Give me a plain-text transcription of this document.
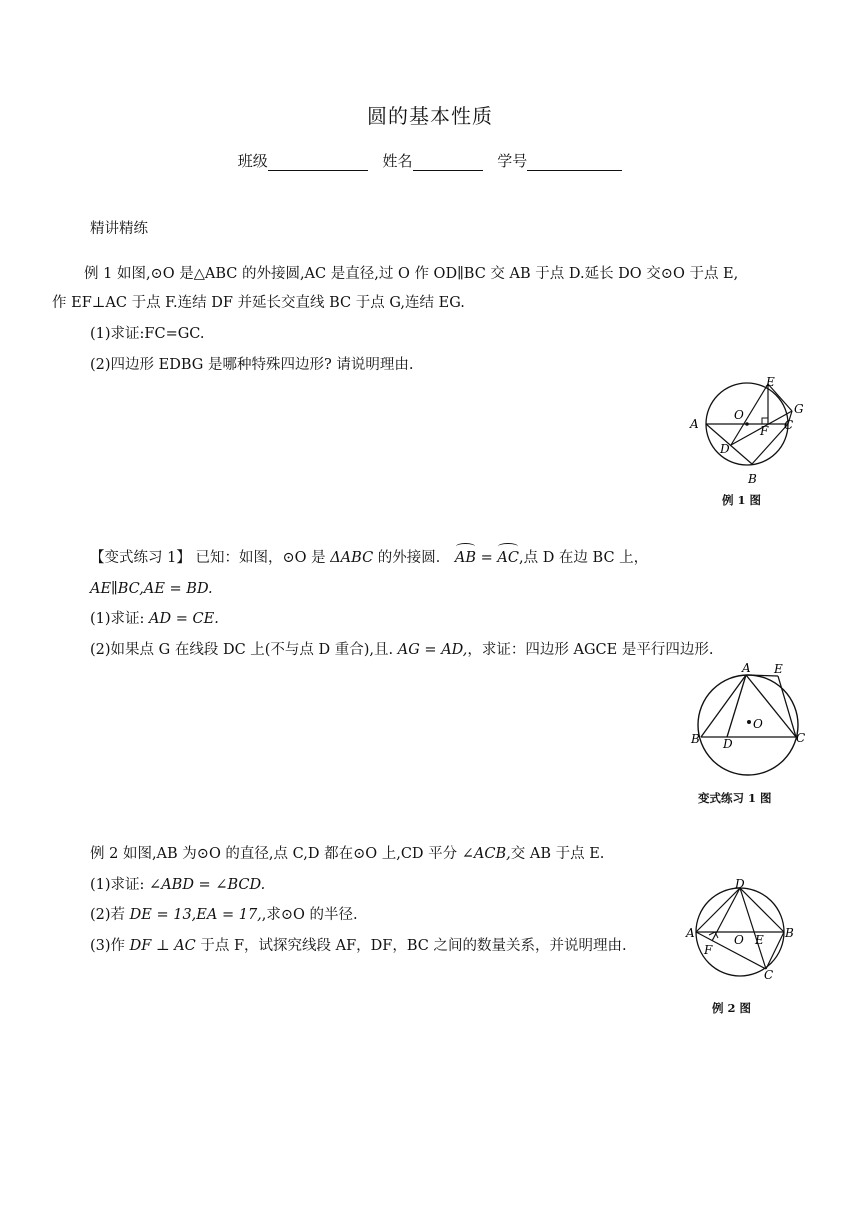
圆的基本性质
班级	姓名	学号
精讲精练
例 1 如图,⊙O 是△ABC 的外接圆,AC 是直径,过 O 作 OD∥BC 交 AB 于点 D.延长 DO 交⊙O 于点 E,
作 EF⊥AC 于点 F.连结 DF 并延长交直线 BC 于点 G,连结 EG.
(1)求证:FC=GC.
(2)四边形 EDBG 是哪种特殊四边形? 请说明理由.
A
B
C
D
E
F
G
O
例 1 图
【变式练习 1】 已知：如图，⊙O 是 ΔABC 的外接圆． AB = AC,点 D 在边 BC 上，
AE∥BC,AE = BD.
(1)求证: AD = CE.
(2)如果点 G 在线段 DC 上(不与点 D 重合),且. AG = AD,，求证：四边形 AGCE 是平行四边形.
A
B	C
D
E
O
变式练习 1 图
例 2 如图,AB 为⊙O 的直径,点 C,D 都在⊙O 上,CD 平分 ∠ACB,交 AB 于点 E.
(1)求证: ∠ABD = ∠BCD.
(2)若 DE = 13,EA = 17,,求⊙O 的半径.
(3)作 DF ⊥ AC 于点 F，试探究线段 AF，DF，BC 之间的数量关系，并说明理由.
A	B
C
D
E
F
O
例 2 图
